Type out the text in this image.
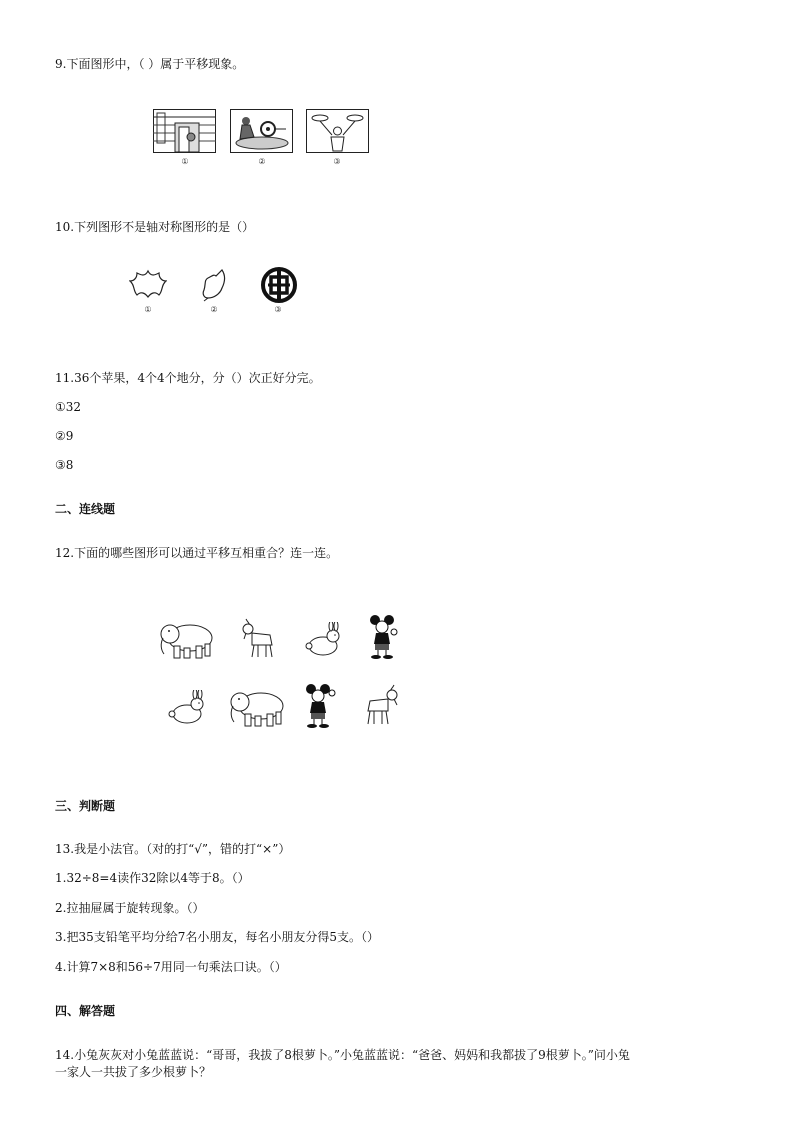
9.下面图形中，（ ）属于平移现象。
①	②	③
10.下列图形不是轴对称图形的是（）
①	②	③
11.36个苹果，4个4个地分，分（）次正好分完。
①32
②9
③8
二、连线题
12.下面的哪些图形可以通过平移互相重合？连一连。
三、判断题
13.我是小法官。（对的打“√”，错的打“×”）
1.32÷8=4读作32除以4等于8。（）
2.拉抽屉属于旋转现象。（）
3.把35支铅笔平均分给7名小朋友，每名小朋友分得5支。（）
4.计算7×8和56÷7用同一句乘法口诀。（）
四、解答题
14.小兔灰灰对小兔蓝蓝说：“哥哥，我拔了8根萝卜。”小兔蓝蓝说：“爸爸、妈妈和我都拔了9根萝卜。”问小兔
一家人一共拔了多少根萝卜？
